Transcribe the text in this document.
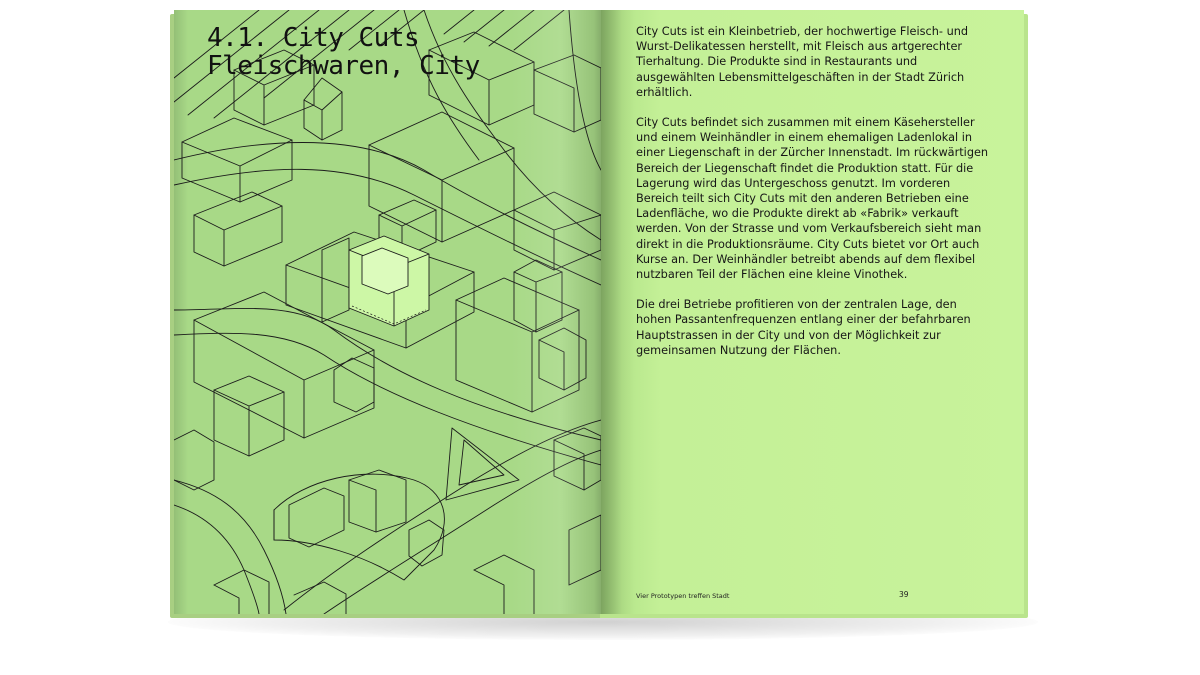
4.1. City Cuts
Fleischwaren, City

City Cuts ist ein Kleinbetrieb, der hochwertige Fleisch- und Wurst-Delikatessen herstellt, mit Fleisch aus artgerechter Tierhaltung. Die Produkte sind in Restaurants und ausgewählten Lebensmittelgeschäften in der Stadt Zürich erhältlich.

City Cuts befindet sich zusammen mit einem Käsehersteller und einem Weinhändler in einem ehemaligen Ladenlokal in einer Liegenschaft in der Zürcher Innenstadt. Im rückwärtigen Bereich der Liegenschaft findet die Produktion statt. Für die Lagerung wird das Untergeschoss genutzt. Im vorderen Bereich teilt sich City Cuts mit den anderen Betrieben eine Ladenfläche, wo die Produkte direkt ab «Fabrik» verkauft werden. Von der Strasse und vom Verkaufsbereich sieht man direkt in die Produktionsräume. City Cuts bietet vor Ort auch Kurse an. Der Weinhändler betreibt abends auf dem flexibel nutzbaren Teil der Flächen eine kleine Vinothek.

Die drei Betriebe profitieren von der zentralen Lage, den hohen Passantenfrequenzen entlang einer der befahrbaren Hauptstrassen in der City und von der Möglichkeit zur gemeinsamen Nutzung der Flächen.

Vier Prototypen treffen Stadt	39
